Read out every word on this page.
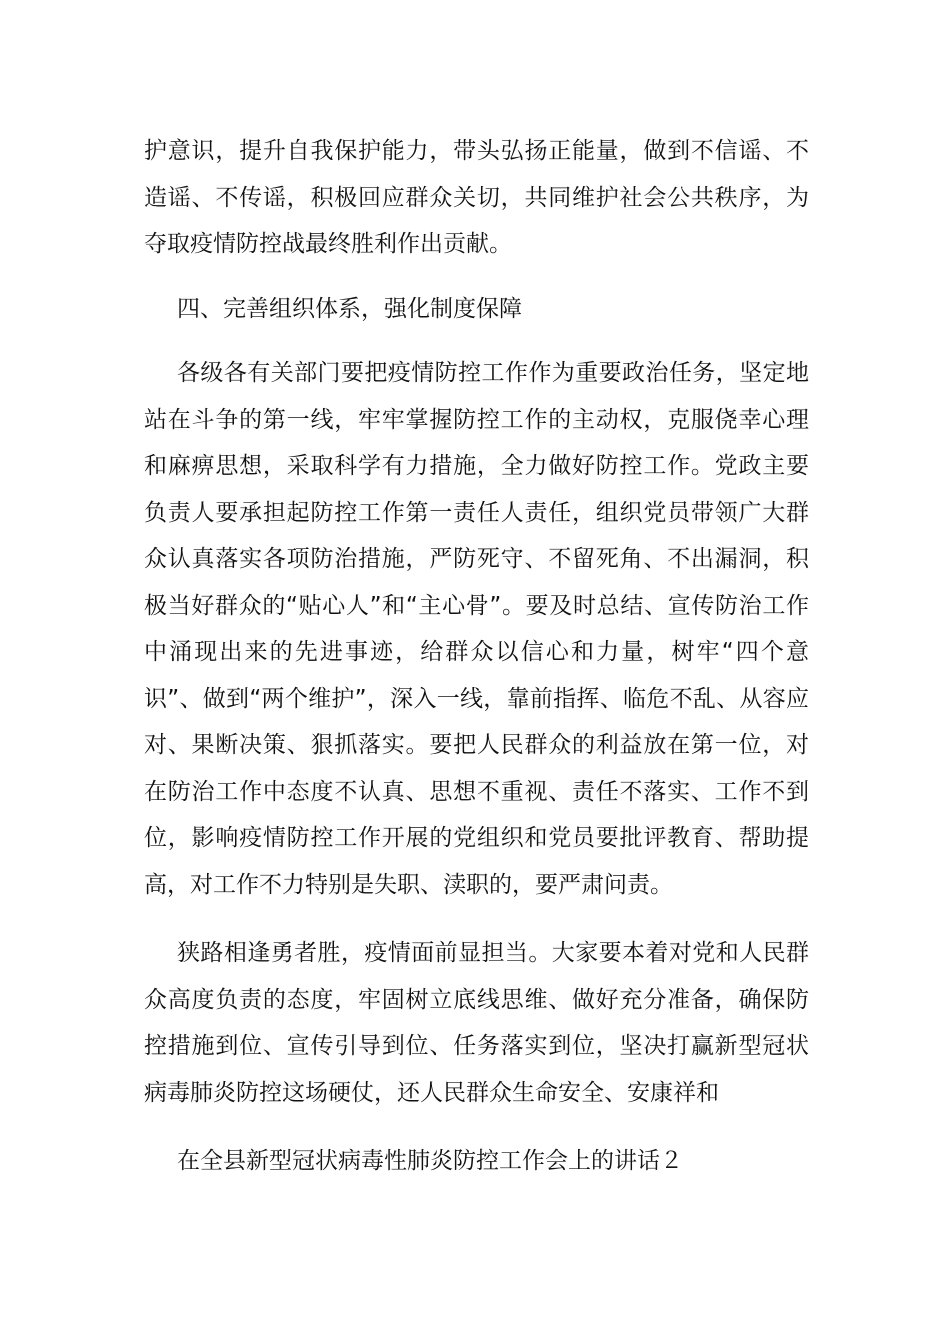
护意识，提升自我保护能力，带头弘扬正能量，做到不信谣、不造谣、不传谣，积极回应群众关切，共同维护社会公共秩序，为夺取疫情防控战最终胜利作出贡献。

四、完善组织体系，强化制度保障

各级各有关部门要把疫情防控工作作为重要政治任务，坚定地站在斗争的第一线，牢牢掌握防控工作的主动权，克服侥幸心理和麻痹思想，采取科学有力措施，全力做好防控工作。党政主要负责人要承担起防控工作第一责任人责任，组织党员带领广大群众认真落实各项防治措施，严防死守、不留死角、不出漏洞，积极当好群众的“贴心人”和“主心骨”。要及时总结、宣传防治工作中涌现出来的先进事迹，给群众以信心和力量，树牢“四个意识”、做到“两个维护”，深入一线，靠前指挥、临危不乱、从容应对、果断决策、狠抓落实。要把人民群众的利益放在第一位，对在防治工作中态度不认真、思想不重视、责任不落实、工作不到位，影响疫情防控工作开展的党组织和党员要批评教育、帮助提高，对工作不力特别是失职、渎职的，要严肃问责。

狭路相逢勇者胜，疫情面前显担当。大家要本着对党和人民群众高度负责的态度，牢固树立底线思维、做好充分准备，确保防控措施到位、宣传引导到位、任务落实到位，坚决打赢新型冠状病毒肺炎防控这场硬仗，还人民群众生命安全、安康祥和

在全县新型冠状病毒性肺炎防控工作会上的讲话２
